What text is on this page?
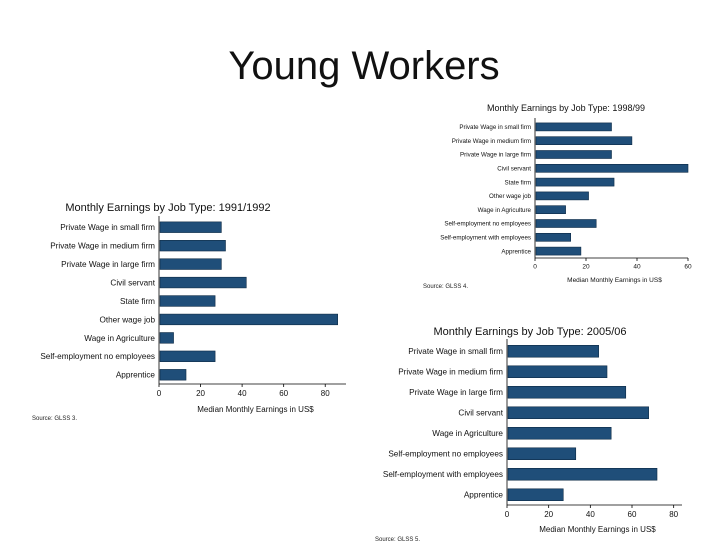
Young Workers
Monthly Earnings by Job Type: 1998/99
Private Wage in small firm
Private Wage in medium firm
Private Wage in large firm
Civil servant
State firm
Other wage job
Wage in Agriculture
Self-employment no employees
Self-employment with employees
Apprentice
0	20	40	60
Median Monthly Earnings in US$
Source: GLSS 4.
Monthly Earnings by Job Type: 1991/1992
Private Wage in small firm
Private Wage in medium firm
Private Wage in large firm
Civil servant
State firm
Other wage job
Wage in Agriculture
Self-employment no employees
Apprentice
0	20	40	60	80
Median Monthly Earnings in US$
Source: GLSS 3.
Monthly Earnings by Job Type: 2005/06
Private Wage in small firm
Private Wage in medium firm
Private Wage in large firm
Civil servant
Wage in Agriculture
Self-employment no employees
Self-employment with employees
Apprentice
0	20	40	60	80
Median Monthly Earnings in US$
Source: GLSS 5.
